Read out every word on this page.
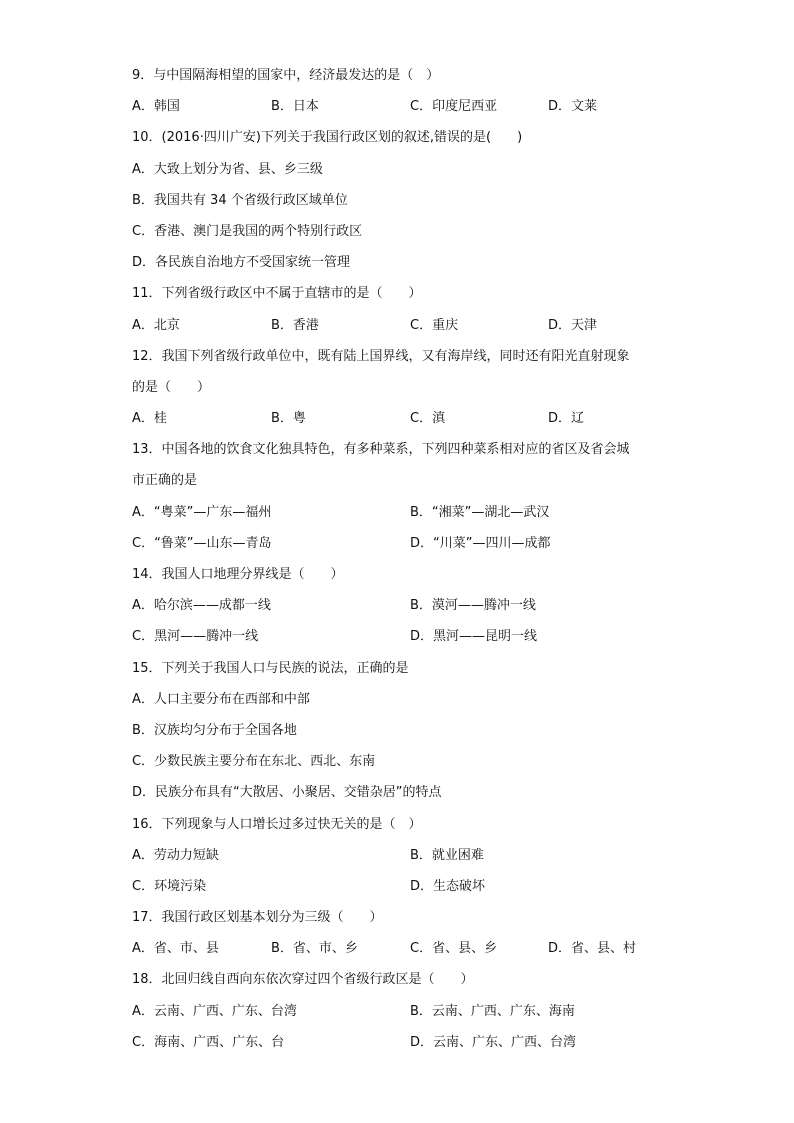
9．与中国隔海相望的国家中，经济最发达的是（　）
A．韩国	B．日本	C．印度尼西亚	D．文莱
10．(2016·四川广安)下列关于我国行政区划的叙述,错误的是(　　)
A．大致上划分为省、县、乡三级
B．我国共有 34 个省级行政区域单位
C．香港、澳门是我国的两个特别行政区
D．各民族自治地方不受国家统一管理
11．下列省级行政区中不属于直辖市的是（　　）
A．北京	B．香港	C．重庆	D．天津
12．我国下列省级行政单位中，既有陆上国界线，又有海岸线，同时还有阳光直射现象
的是（　　）
A．桂	B．粤	C．滇	D．辽
13．中国各地的饮食文化独具特色，有多种菜系，下列四种菜系相对应的省区及省会城
市正确的是
A．“粤菜”—广东—福州	B．“湘菜”—湖北—武汉
C．“鲁菜”—山东—青岛	D．“川菜”—四川—成都
14．我国人口地理分界线是（　　）
A．哈尔滨——成都一线	B．漠河——腾冲一线
C．黑河——腾冲一线	D．黑河——昆明一线
15．下列关于我国人口与民族的说法，正确的是
A．人口主要分布在西部和中部
B．汉族均匀分布于全国各地
C．少数民族主要分布在东北、西北、东南
D．民族分布具有“大散居、小聚居、交错杂居”的特点
16．下列现象与人口增长过多过快无关的是（　）
A．劳动力短缺	B．就业困难
C．环境污染	D．生态破坏
17．我国行政区划基本划分为三级（　　）
A．省、市、县	B．省、市、乡	C．省、县、乡	D．省、县、村
18．北回归线自西向东依次穿过四个省级行政区是（　　）
A．云南、广西、广东、台湾	B．云南、广西、广东、海南
C．海南、广西、广东、台	D．云南、广东、广西、台湾
